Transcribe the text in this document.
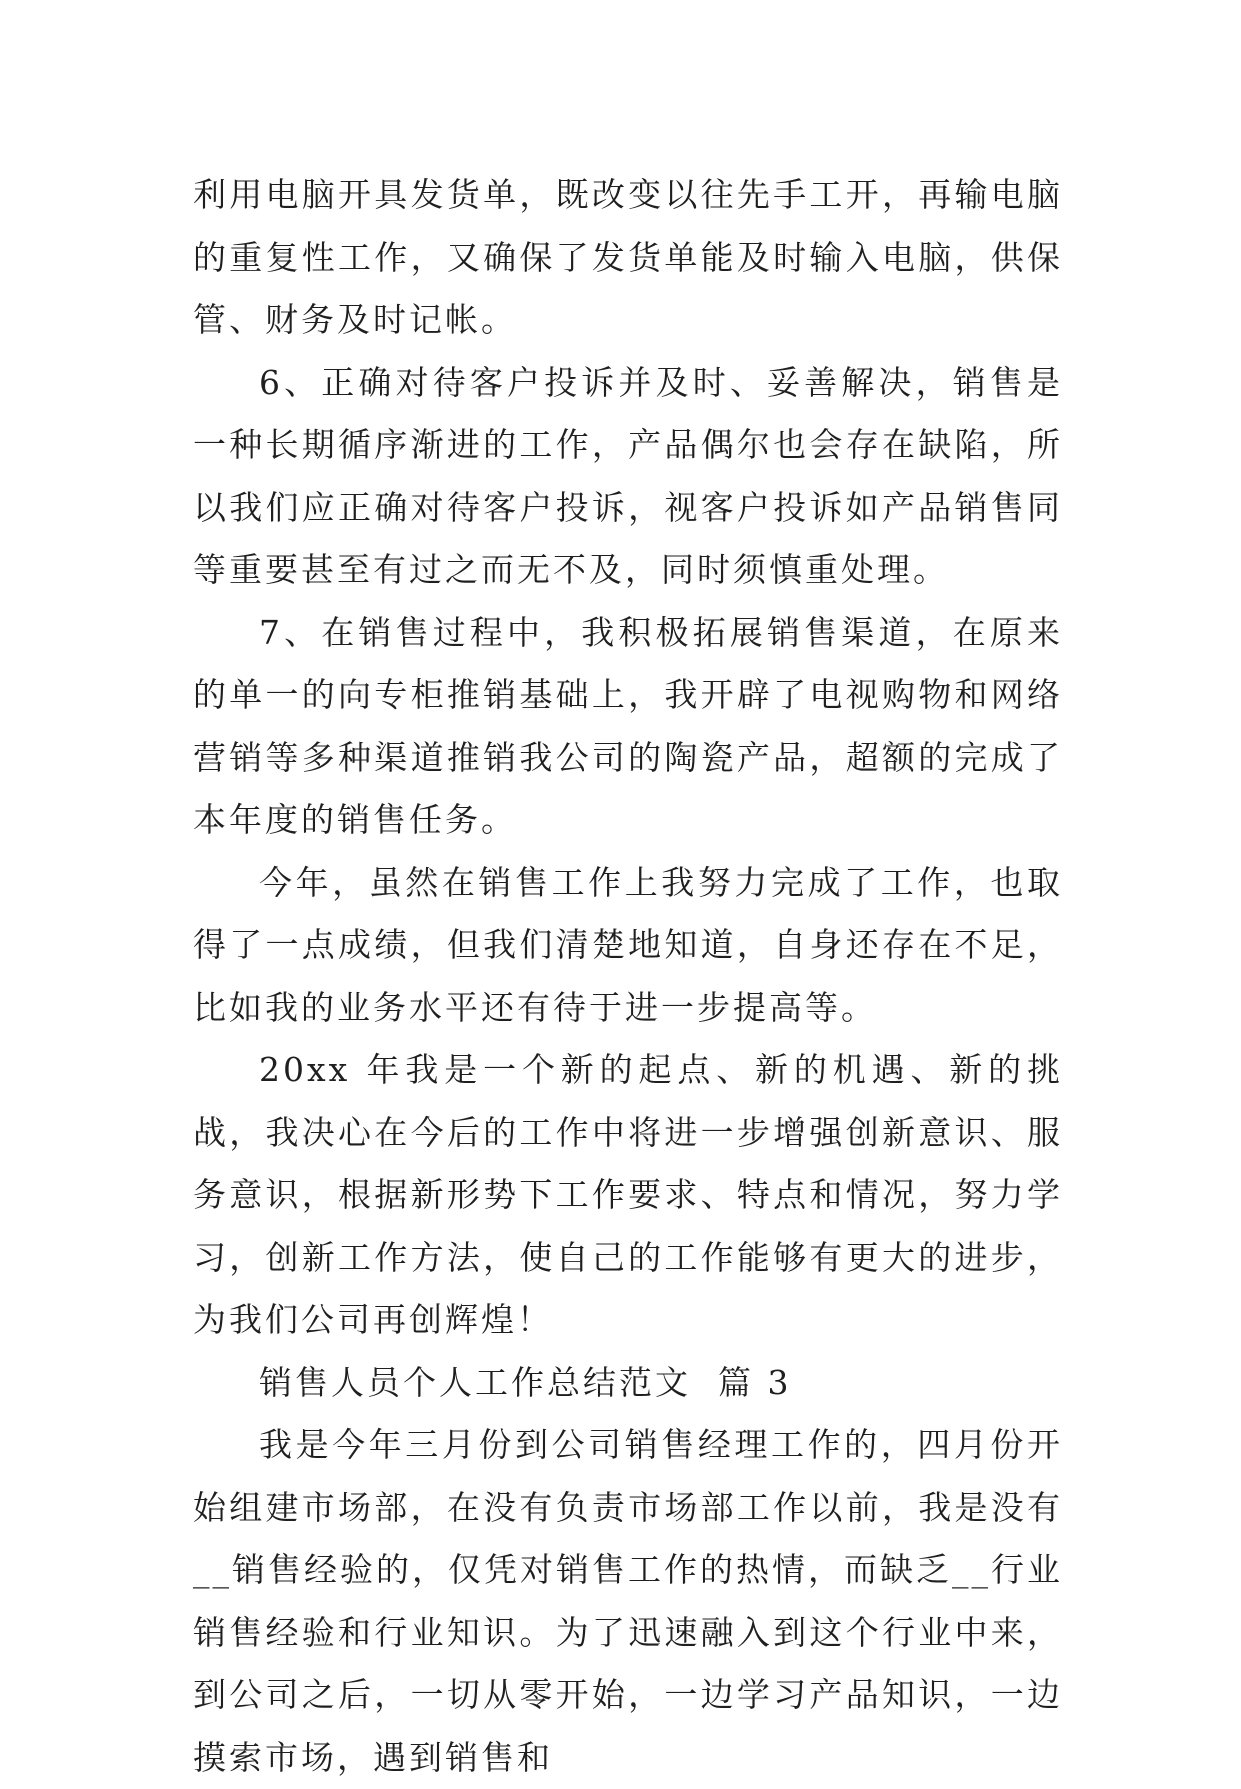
利用电脑开具发货单，既改变以往先手工开，再输电脑的重复性工作，又确保了发货单能及时输入电脑，供保管、财务及时记帐。

6、正确对待客户投诉并及时、妥善解决，销售是一种长期循序渐进的工作，产品偶尔也会存在缺陷，所以我们应正确对待客户投诉，视客户投诉如产品销售同等重要甚至有过之而无不及，同时须慎重处理。

7、在销售过程中，我积极拓展销售渠道，在原来的单一的向专柜推销基础上，我开辟了电视购物和网络营销等多种渠道推销我公司的陶瓷产品，超额的完成了本年度的销售任务。

今年，虽然在销售工作上我努力完成了工作，也取得了一点成绩，但我们清楚地知道，自身还存在不足，比如我的业务水平还有待于进一步提高等。

20xx 年我是一个新的起点、新的机遇、新的挑战，我决心在今后的工作中将进一步增强创新意识、服务意识，根据新形势下工作要求、特点和情况，努力学习，创新工作方法，使自己的工作能够有更大的进步，为我们公司再创辉煌！

销售人员个人工作总结范文  篇 3

我是今年三月份到公司销售经理工作的，四月份开始组建市场部，在没有负责市场部工作以前，我是没有__销售经验的，仅凭对销售工作的热情，而缺乏__行业销售经验和行业知识。为了迅速融入到这个行业中来，到公司之后，一切从零开始，一边学习产品知识，一边摸索市场，遇到销售和
